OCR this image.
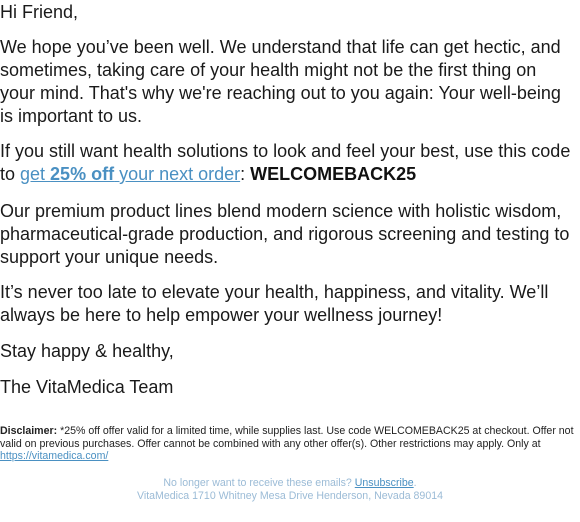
Hi Friend,

We hope you’ve been well. We understand that life can get hectic, and sometimes, taking care of your health might not be the first thing on your mind. That's why we're reaching out to you again: Your well-being is important to us.

If you still want health solutions to look and feel your best, use this code to get 25% off your next order: WELCOMEBACK25

Our premium product lines blend modern science with holistic wisdom, pharmaceutical-grade production, and rigorous screening and testing to support your unique needs.

It’s never too late to elevate your health, happiness, and vitality. We’ll always be here to help empower your wellness journey!

Stay happy & healthy,

The VitaMedica Team

Disclaimer: *25% off offer valid for a limited time, while supplies last. Use code WELCOMEBACK25 at checkout. Offer not valid on previous purchases. Offer cannot be combined with any other offer(s). Other restrictions may apply. Only at https://vitamedica.com/
No longer want to receive these emails? Unsubscribe.
VitaMedica 1710 Whitney Mesa Drive Henderson, Nevada 89014
